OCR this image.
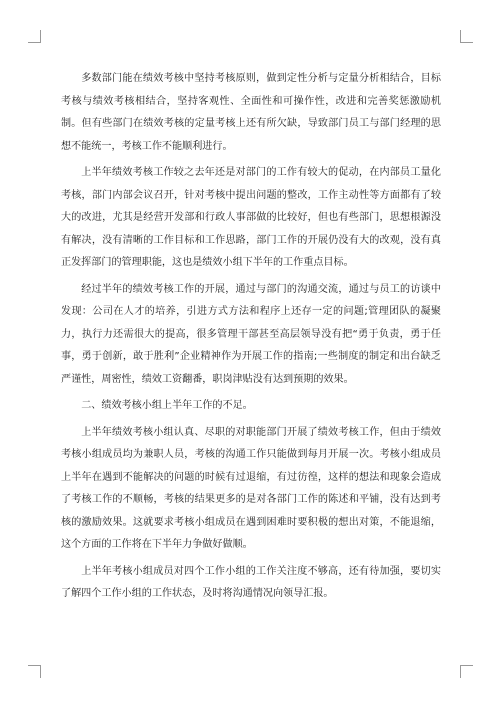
多数部门能在绩效考核中坚持考核原则，做到定性分析与定量分析相结合，目标考核与绩效考核相结合，坚持客观性、全面性和可操作性，改进和完善奖惩激励机制。但有些部门在绩效考核的定量考核上还有所欠缺，导致部门员工与部门经理的思想不能统一，考核工作不能顺利进行。

上半年绩效考核工作较之去年还是对部门的工作有较大的促动，在内部员工量化考核，部门内部会议召开，针对考核中提出问题的整改，工作主动性等方面都有了较大的改进，尤其是经营开发部和行政人事部做的比较好，但也有些部门，思想根源没有解决，没有清晰的工作目标和工作思路，部门工作的开展仍没有大的改观，没有真正发挥部门的管理职能，这也是绩效小组下半年的工作重点目标。

经过半年的绩效考核工作的开展，通过与部门的沟通交流，通过与员工的访谈中发现：公司在人才的培养，引进方式方法和程序上还存一定的问题;管理团队的凝聚力，执行力还需很大的提高，很多管理干部甚至高层领导没有把“勇于负责，勇于任事，勇于创新，敢于胜利”企业精神作为开展工作的指南;一些制度的制定和出台缺乏严谨性，周密性，绩效工资翻番，职岗津贴没有达到预期的效果。

二、绩效考核小组上半年工作的不足。

上半年绩效考核小组认真、尽职的对职能部门开展了绩效考核工作，但由于绩效考核小组成员均为兼职人员，考核的沟通工作只能做到每月开展一次。考核小组成员上半年在遇到不能解决的问题的时候有过退缩，有过彷徨，这样的想法和现象会造成了考核工作的不顺畅，考核的结果更多的是对各部门工作的陈述和平铺，没有达到考核的激励效果。这就要求考核小组成员在遇到困难时要积极的想出对策，不能退缩，这个方面的工作将在下半年力争做好做顺。

上半年考核小组成员对四个工作小组的工作关注度不够高，还有待加强，要切实了解四个工作小组的工作状态，及时将沟通情况向领导汇报。
